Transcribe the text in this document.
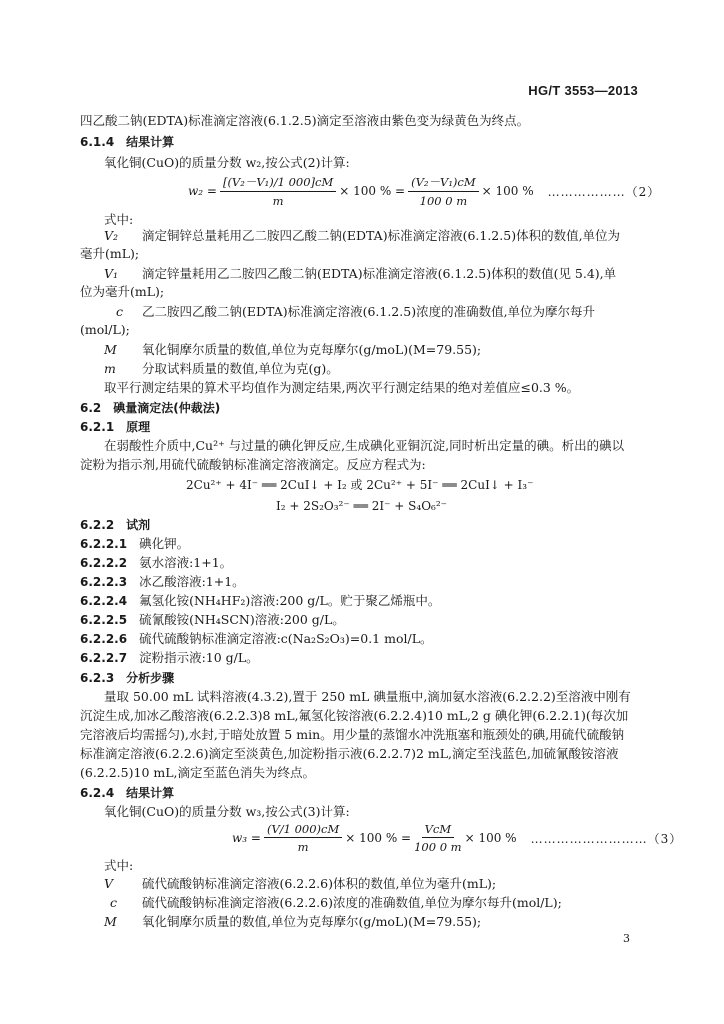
HG/T 3553—2013
四乙酸二钠(EDTA)标准滴定溶液(6.1.2.5)滴定至溶液由紫色变为绿黄色为终点。
6.1.4 结果计算
氧化铜(CuO)的质量分数 w₂,按公式(2)计算:
$w_2 = \frac{\text{[(V₂－V₁)/1 000]cM}}{m} \times 100$ % = $\frac{\text{(V₂－V₁)cM}}{100 0 m} \times 100$ % ………………（2）
式中:
V₂ 滴定铜锌总量耗用乙二胺四乙酸二钠(EDTA)标准滴定溶液(6.1.2.5)体积的数值,单位为
毫升(mL);
V₁ 滴定锌量耗用乙二胺四乙酸二钠(EDTA)标准滴定溶液(6.1.2.5)体积的数值(见 5.4),单
位为毫升(mL);
c 乙二胺四乙酸二钠(EDTA)标准滴定溶液(6.1.2.5)浓度的准确数值,单位为摩尔每升
(mol/L);
M 氧化铜摩尔质量的数值,单位为克每摩尔(g/moL)(M=79.55);
m 分取试料质量的数值,单位为克(g)。
取平行测定结果的算术平均值作为测定结果,两次平行测定结果的绝对差值应≤0.3 %。
6.2 碘量滴定法(仲裁法)
6.2.1 原理
在弱酸性介质中,Cu²⁺ 与过量的碘化钾反应,生成碘化亚铜沉淀,同时析出定量的碘。析出的碘以
淀粉为指示剂,用硫代硫酸钠标准滴定溶液滴定。反应方程式为:
2Cu²⁺ + 4I⁻ ══ 2CuI↓ + I₂ 或 2Cu²⁺ + 5I⁻ ══ 2CuI↓ + I₃⁻
I₂ + 2S₂O₃²⁻ ══ 2I⁻ + S₄O₆²⁻
6.2.2 试剂
6.2.2.1 碘化钾。
6.2.2.2 氨水溶液:1+1。
6.2.2.3 冰乙酸溶液:1+1。
6.2.2.4 氟氢化铵(NH₄HF₂)溶液:200 g/L。贮于聚乙烯瓶中。
6.2.2.5 硫氰酸铵(NH₄SCN)溶液:200 g/L。
6.2.2.6 硫代硫酸钠标准滴定溶液:c(Na₂S₂O₃)=0.1 mol/L。
6.2.2.7 淀粉指示液:10 g/L。
6.2.3 分析步骤
量取 50.00 mL 试料溶液(4.3.2),置于 250 mL 碘量瓶中,滴加氨水溶液(6.2.2.2)至溶液中刚有
沉淀生成,加冰乙酸溶液(6.2.2.3)8 mL,氟氢化铵溶液(6.2.2.4)10 mL,2 g 碘化钾(6.2.2.1)(每次加
完溶液后均需摇匀),水封,于暗处放置 5 min。用少量的蒸馏水冲洗瓶塞和瓶颈处的碘,用硫代硫酸钠
标准滴定溶液(6.2.2.6)滴定至淡黄色,加淀粉指示液(6.2.2.7)2 mL,滴定至浅蓝色,加硫氰酸铵溶液
(6.2.2.5)10 mL,滴定至蓝色消失为终点。
6.2.4 结果计算
氧化铜(CuO)的质量分数 w₃,按公式(3)计算:
$w_3 = \frac{(V/1 000)cM}{m} \times 100$ % = $\frac{\text{VcM}}{100 0 m} \times 100$ % ………………………（3）
式中:
V 硫代硫酸钠标准滴定溶液(6.2.2.6)体积的数值,单位为毫升(mL);
c 硫代硫酸钠标准滴定溶液(6.2.2.6)浓度的准确数值,单位为摩尔每升(mol/L);
M 氧化铜摩尔质量的数值,单位为克每摩尔(g/moL)(M=79.55);
3
